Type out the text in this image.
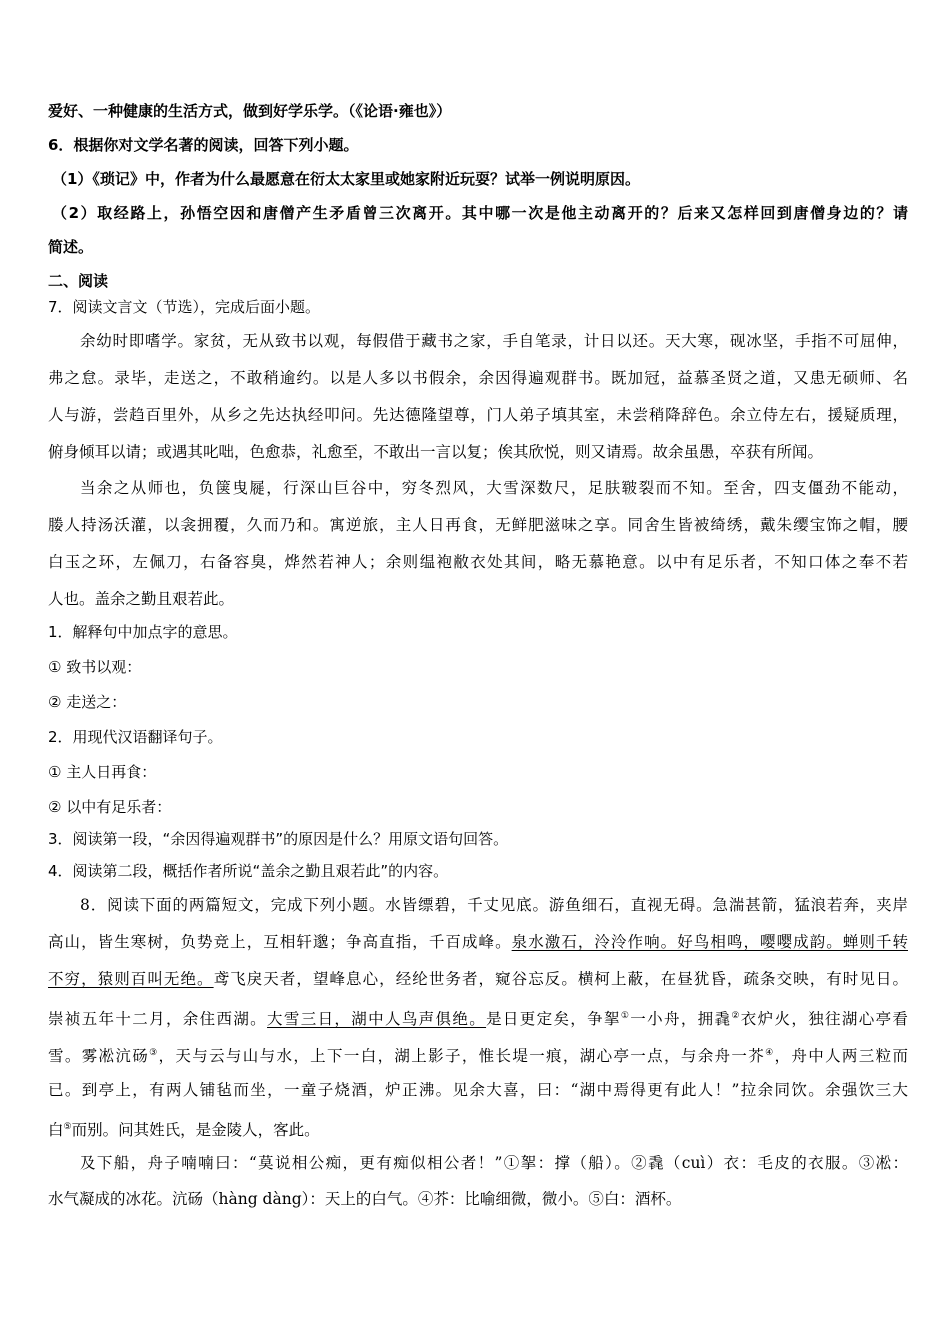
爱好、一种健康的生活方式，做到好学乐学。（《论语·雍也》）
6．根据你对文学名著的阅读，回答下列小题。
（1）《琐记》中，作者为什么最愿意在衍太太家里或她家附近玩耍？试举一例说明原因。
（2）取经路上，孙悟空因和唐僧产生矛盾曾三次离开。其中哪一次是他主动离开的？后来又怎样回到唐僧身边的？请
简述。
二、阅读
7．阅读文言文（节选），完成后面小题。
余幼时即嗜学。家贫，无从致书以观，每假借于藏书之家，手自笔录，计日以还。天大寒，砚冰坚，手指不可屈伸，
弗之怠。录毕，走送之，不敢稍逾约。以是人多以书假余，余因得遍观群书。既加冠，益慕圣贤之道，又患无硕师、名
人与游，尝趋百里外，从乡之先达执经叩问。先达德隆望尊，门人弟子填其室，未尝稍降辞色。余立侍左右，援疑质理，
俯身倾耳以请；或遇其叱咄，色愈恭，礼愈至，不敢出一言以复；俟其欣悦，则又请焉。故余虽愚，卒获有所闻。
当余之从师也，负箧曳屣，行深山巨谷中，穷冬烈风，大雪深数尺，足肤皲裂而不知。至舍，四支僵劲不能动，
媵人持汤沃灌，以衾拥覆，久而乃和。寓逆旅，主人日再食，无鲜肥滋味之享。同舍生皆被绮绣，戴朱缨宝饰之帽，腰
白玉之环，左佩刀，右备容臭，烨然若神人；余则缊袍敝衣处其间，略无慕艳意。以中有足乐者，不知口体之奉不若
人也。盖余之勤且艰若此。
1．解释句中加点字的意思。
① 致书以观：
② 走送之：
2．用现代汉语翻译句子。
① 主人日再食：
② 以中有足乐者：
3．阅读第一段，“余因得遍观群书”的原因是什么？用原文语句回答。
4．阅读第二段，概括作者所说“盖余之勤且艰若此”的内容。
8．阅读下面的两篇短文，完成下列小题。水皆缥碧，千丈见底。游鱼细石，直视无碍。急湍甚箭，猛浪若奔，夹岸
高山，皆生寒树，负势竞上，互相轩邈；争高直指，千百成峰。泉水激石，泠泠作响。好鸟相鸣，嘤嘤成韵。蝉则千转
不穷，猿则百叫无绝。鸢飞戾天者，望峰息心，经纶世务者，窥谷忘反。横柯上蔽，在昼犹昏，疏条交映，有时见日。
崇祯五年十二月，余住西湖。大雪三日，湖中人鸟声俱绝。是日更定矣，争挐①一小舟，拥毳②衣炉火，独往湖心亭看
雪。雾凇沆砀③，天与云与山与水，上下一白，湖上影子，惟长堤一痕，湖心亭一点，与余舟一芥④，舟中人两三粒而
已。到亭上，有两人铺毡而坐，一童子烧酒，炉正沸。见余大喜，曰：“湖中焉得更有此人！”拉余同饮。余强饮三大
白⑤而别。问其姓氏，是金陵人，客此。
及下船，舟子喃喃曰：“莫说相公痴，更有痴似相公者！”①挐：撑（船）。②毳（cuì）衣：毛皮的衣服。③凇：
水气凝成的冰花。沆砀（hàng dàng）：天上的白气。④芥：比喻细微，微小。⑤白：酒杯。
